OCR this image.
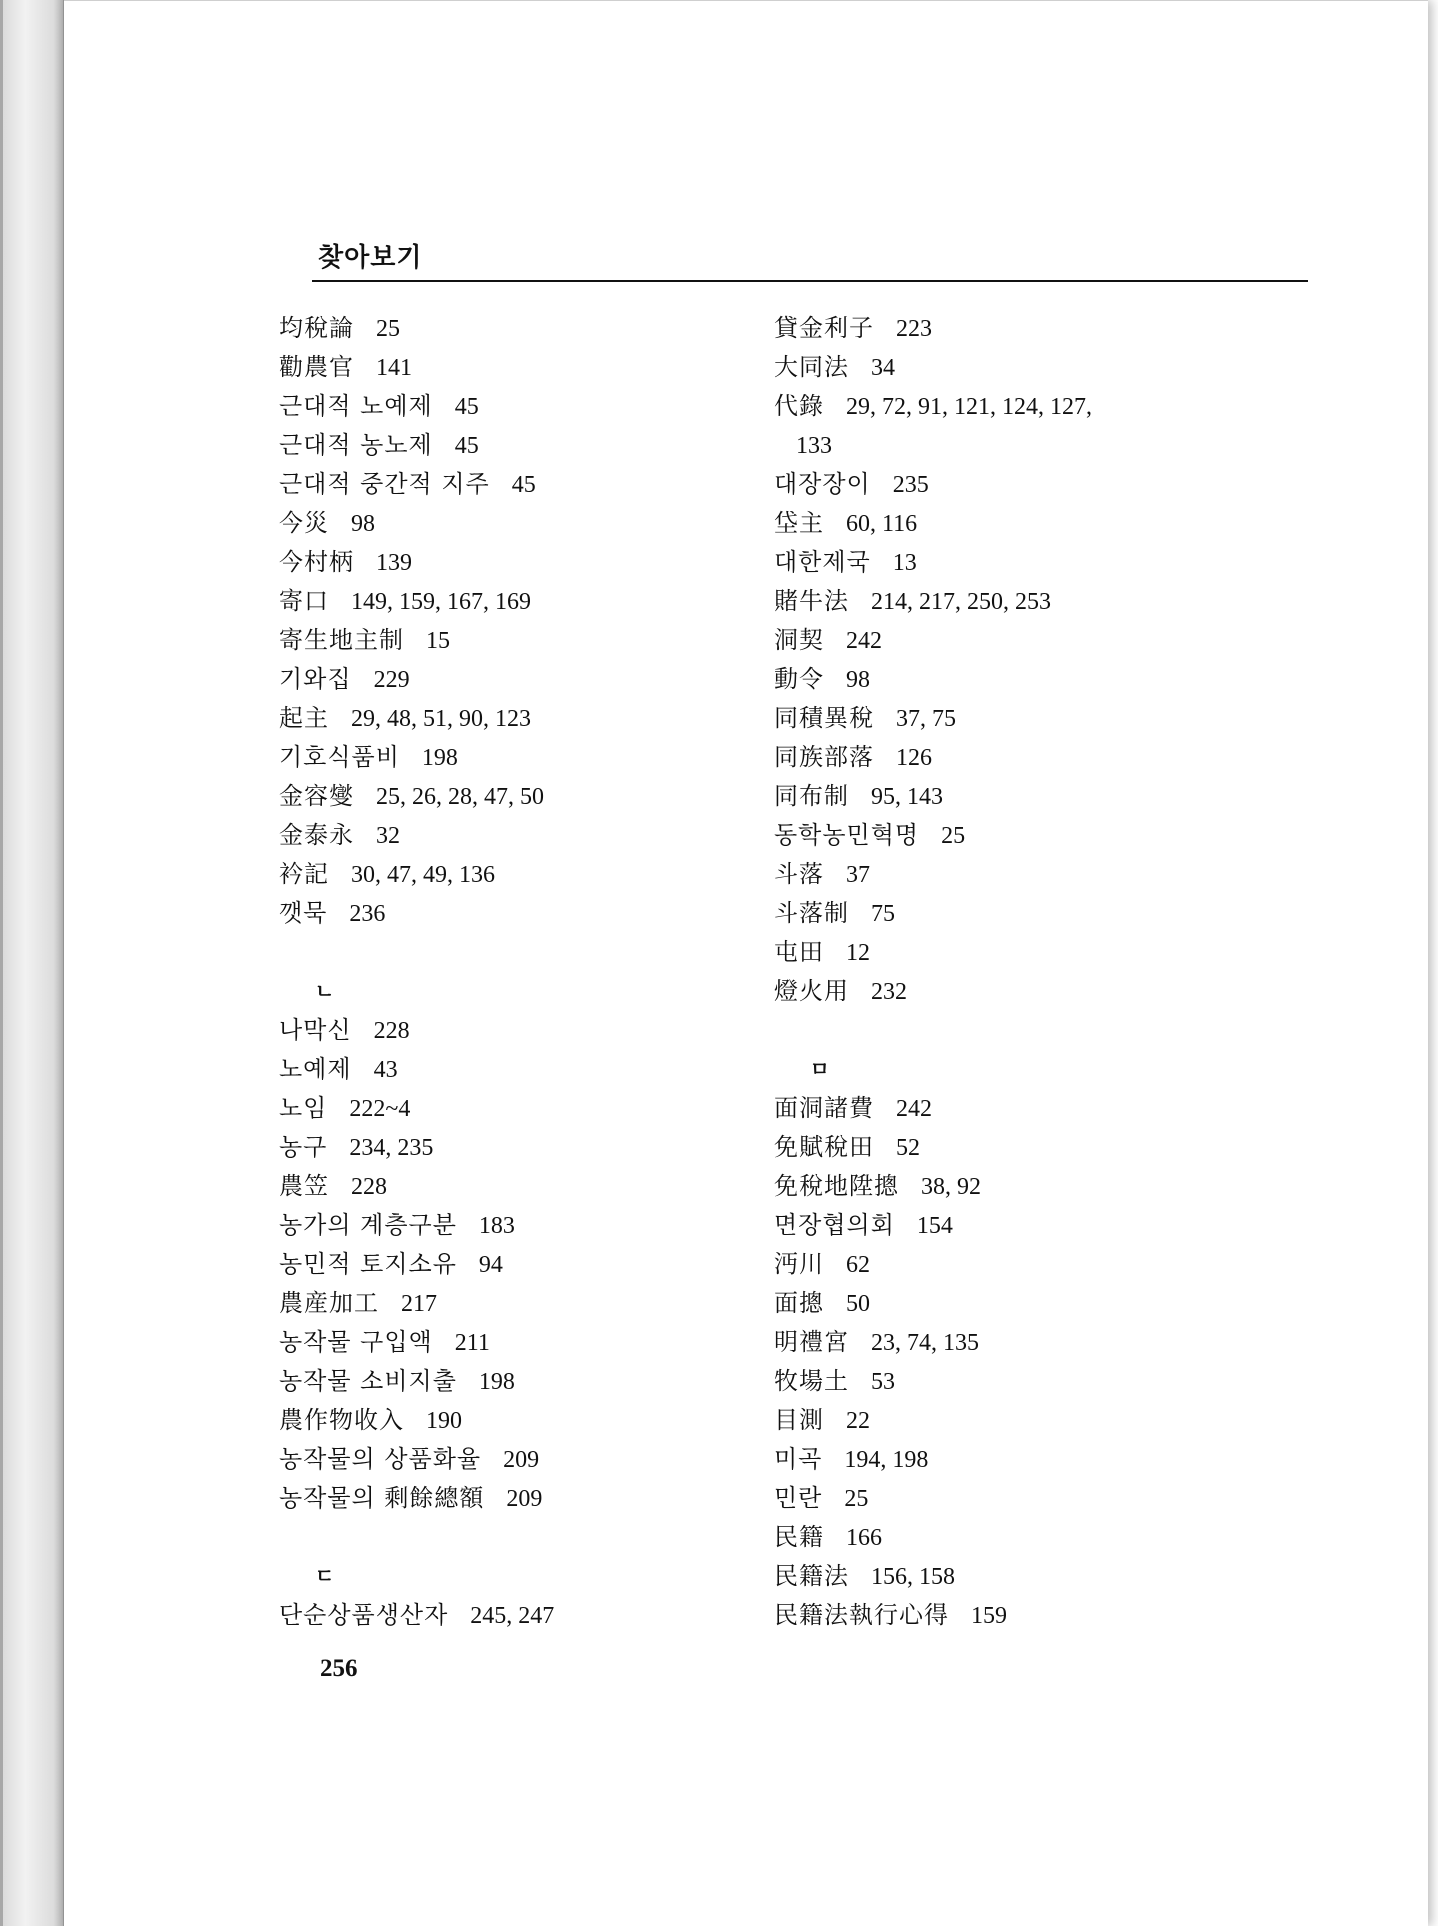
찾아보기
均稅論 25
勸農官 141
근대적 노예제 45
근대적 농노제 45
근대적 중간적 지주 45
今災 98
今村柄 139
寄口 149, 159, 167, 169
寄生地主制 15
기와집 229
起主 29, 48, 51, 90, 123
기호식품비 198
金容燮 25, 26, 28, 47, 50
金泰永 32
衿記 30, 47, 49, 136
깻묵 236
ㄴ
나막신 228
노예제 43
노임 222~4
농구 234, 235
農笠 228
농가의 계층구분 183
농민적 토지소유 94
農産加工 217
농작물 구입액 211
농작물 소비지출 198
農作物收入 190
농작물의 상품화율 209
농작물의 剩餘總額 209
ㄷ
단순상품생산자 245, 247
貸金利子 223
大同法 34
代錄 29, 72, 91, 121, 124, 127,
133
대장장이 235
垈主 60, 116
대한제국 13
賭牛法 214, 217, 250, 253
洞契 242
動令 98
同積異稅 37, 75
同族部落 126
同布制 95, 143
동학농민혁명 25
斗落 37
斗落制 75
屯田 12
燈火用 232
ㅁ
面洞諸費 242
免賦稅田 52
免稅地陞摠 38, 92
면장협의회 154
沔川 62
面摠 50
明禮宮 23, 74, 135
牧場土 53
目測 22
미곡 194, 198
민란 25
民籍 166
民籍法 156, 158
民籍法執行心得 159
256
